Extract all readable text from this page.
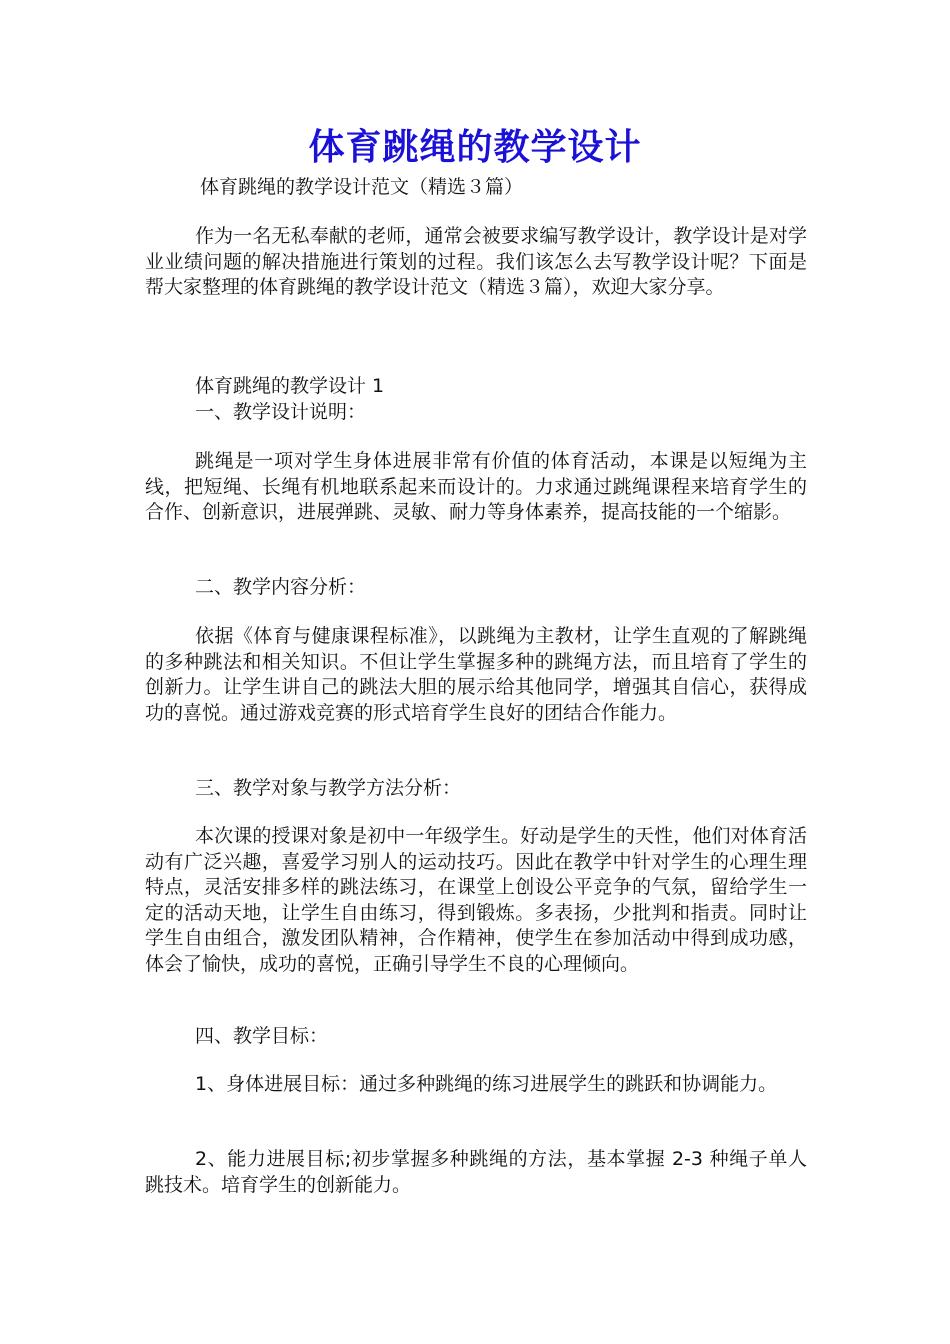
体育跳绳的教学设计
体育跳绳的教学设计范文（精选３篇）
作为一名无私奉献的老师，通常会被要求编写教学设计，教学设计是对学业业绩问题的解决措施进行策划的过程。我们该怎么去写教学设计呢？下面是帮大家整理的体育跳绳的教学设计范文（精选３篇），欢迎大家分享。
体育跳绳的教学设计 1
一、教学设计说明：
跳绳是一项对学生身体进展非常有价值的体育活动，本课是以短绳为主线，把短绳、长绳有机地联系起来而设计的。力求通过跳绳课程来培育学生的合作、创新意识，进展弹跳、灵敏、耐力等身体素养，提高技能的一个缩影。
二、教学内容分析：
依据《体育与健康课程标准》，以跳绳为主教材，让学生直观的了解跳绳的多种跳法和相关知识。不但让学生掌握多种的跳绳方法，而且培育了学生的创新力。让学生讲自己的跳法大胆的展示给其他同学，增强其自信心，获得成功的喜悦。通过游戏竞赛的形式培育学生良好的团结合作能力。
三、教学对象与教学方法分析：
本次课的授课对象是初中一年级学生。好动是学生的天性，他们对体育活动有广泛兴趣，喜爱学习别人的运动技巧。因此在教学中针对学生的心理生理特点，灵活安排多样的跳法练习，在课堂上创设公平竞争的气氛，留给学生一定的活动天地，让学生自由练习，得到锻炼。多表扬，少批判和指责。同时让学生自由组合，激发团队精神，合作精神，使学生在参加活动中得到成功感，体会了愉快，成功的喜悦，正确引导学生不良的心理倾向。
四、教学目标：
1、身体进展目标：通过多种跳绳的练习进展学生的跳跃和协调能力。
2、能力进展目标;初步掌握多种跳绳的方法，基本掌握 2-3 种绳子单人跳技术。培育学生的创新能力。
